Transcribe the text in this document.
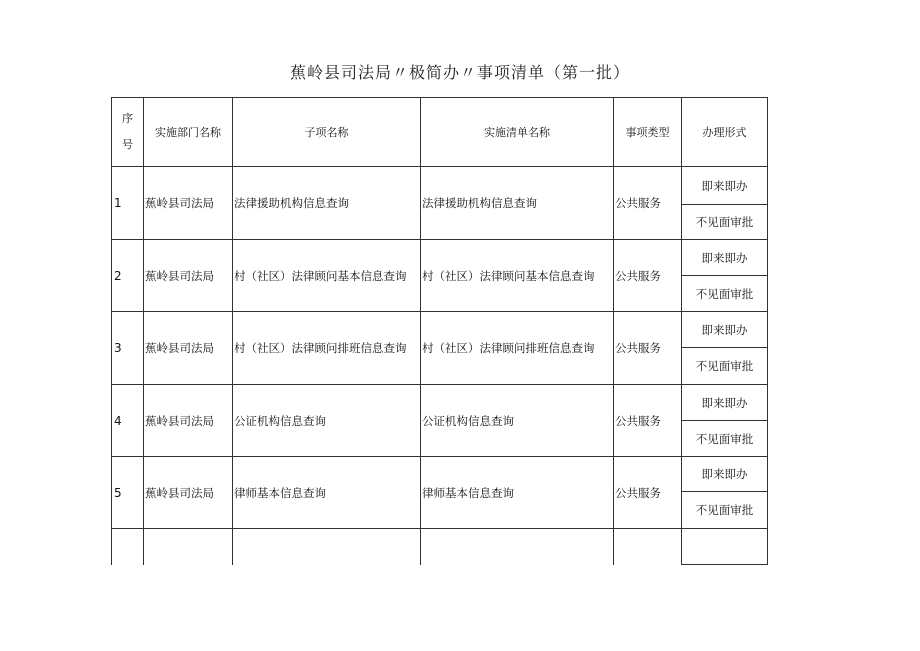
蕉岭县司法局〃极简办〃事项清单（第一批）
序
号	实施部门名称	子项名称	实施清单名称	事项类型	办理形式
1	蕉岭县司法局	法律援助机构信息查询	法律援助机构信息查询	公共服务	即来即办
					不见面审批
2	蕉岭县司法局	村（社区）法律顾问基本信息查询	村（社区）法律顾问基本信息查询	公共服务	即来即办
					不见面审批
3	蕉岭县司法局	村（社区）法律顾问排班信息查询	村（社区）法律顾问排班信息查询	公共服务	即来即办
					不见面审批
4	蕉岭县司法局	公证机构信息查询	公证机构信息查询	公共服务	即来即办
					不见面审批
5	蕉岭县司法局	律师基本信息查询	律师基本信息查询	公共服务	即来即办
					不见面审批
